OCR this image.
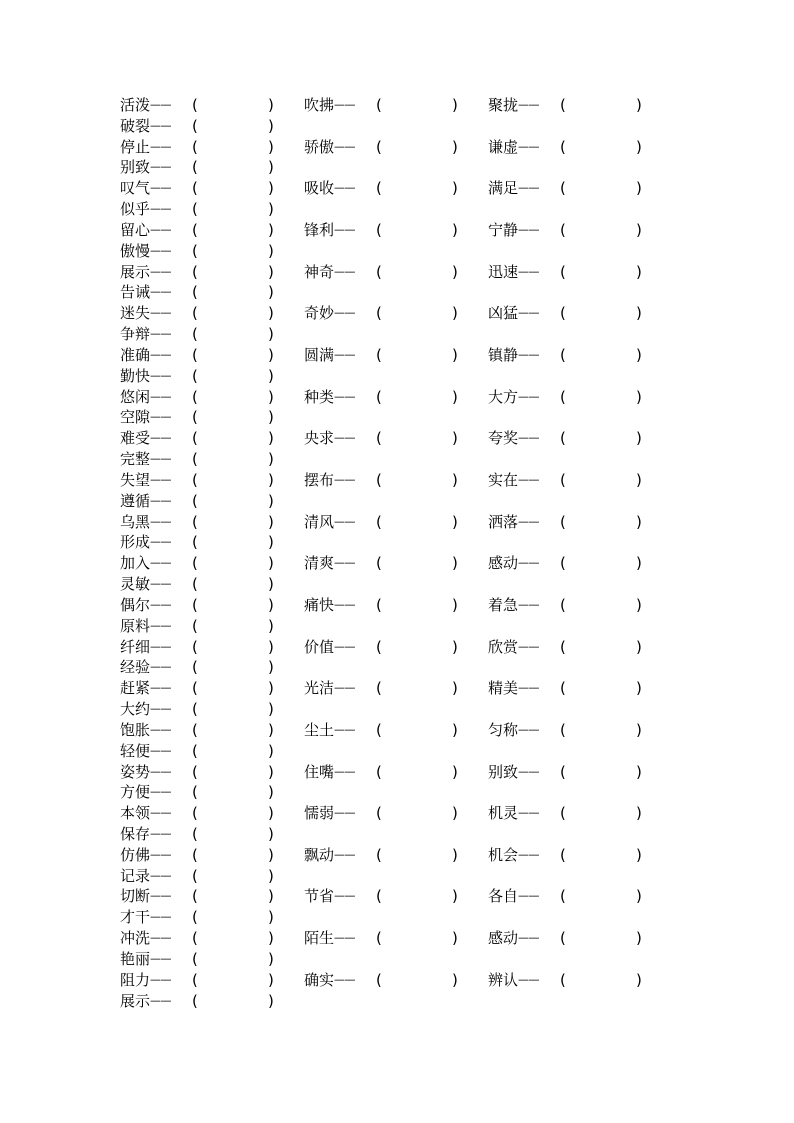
活泼 —— (	) 吹拂 —— (	) 聚拢 —— (	)
破裂 —— (	)
停止 —— (	) 骄傲 —— (	) 谦虚 —— (	)
别致 —— (	)
叹气 —— (	) 吸收 —— (	) 满足 —— (	)
似乎 —— (	)
留心 —— (	) 锋利 —— (	) 宁静 —— (	)
傲慢 —— (	)
展示 —— (	) 神奇 —— (	) 迅速 —— (	)
告诫 —— (	)
迷失 —— (	) 奇妙 —— (	) 凶猛 —— (	)
争辩 —— (	)
准确 —— (	) 圆满 —— (	) 镇静 —— (	)
勤快 —— (	)
悠闲 —— (	) 种类 —— (	) 大方 —— (	)
空隙 —— (	)
难受 —— (	) 央求 —— (	) 夸奖 —— (	)
完整 —— (	)
失望 —— (	) 摆布 —— (	) 实在 —— (	)
遵循 —— (	)
乌黑 —— (	) 清风 —— (	) 洒落 —— (	)
形成 —— (	)
加入 —— (	) 清爽 —— (	) 感动 —— (	)
灵敏 —— (	)
偶尔 —— (	) 痛快 —— (	) 着急 —— (	)
原料 —— (	)
纤细 —— (	) 价值 —— (	) 欣赏 —— (	)
经验 —— (	)
赶紧 —— (	) 光洁 —— (	) 精美 —— (	)
大约 —— (	)
饱胀 —— (	) 尘土 —— (	) 匀称 —— (	)
轻便 —— (	)
姿势 —— (	) 住嘴 —— (	) 别致 —— (	)
方便 —— (	)
本领 —— (	) 懦弱 —— (	) 机灵 —— (	)
保存 —— (	)
仿佛 —— (	) 飘动 —— (	) 机会 —— (	)
记录 —— (	)
切断 —— (	) 节省 —— (	) 各自 —— (	)
才干 —— (	)
冲洗 —— (	) 陌生 —— (	) 感动 —— (	)
艳丽 —— (	)
阻力 —— (	) 确实 —— (	) 辨认 —— (	)
展示 —— (	)
